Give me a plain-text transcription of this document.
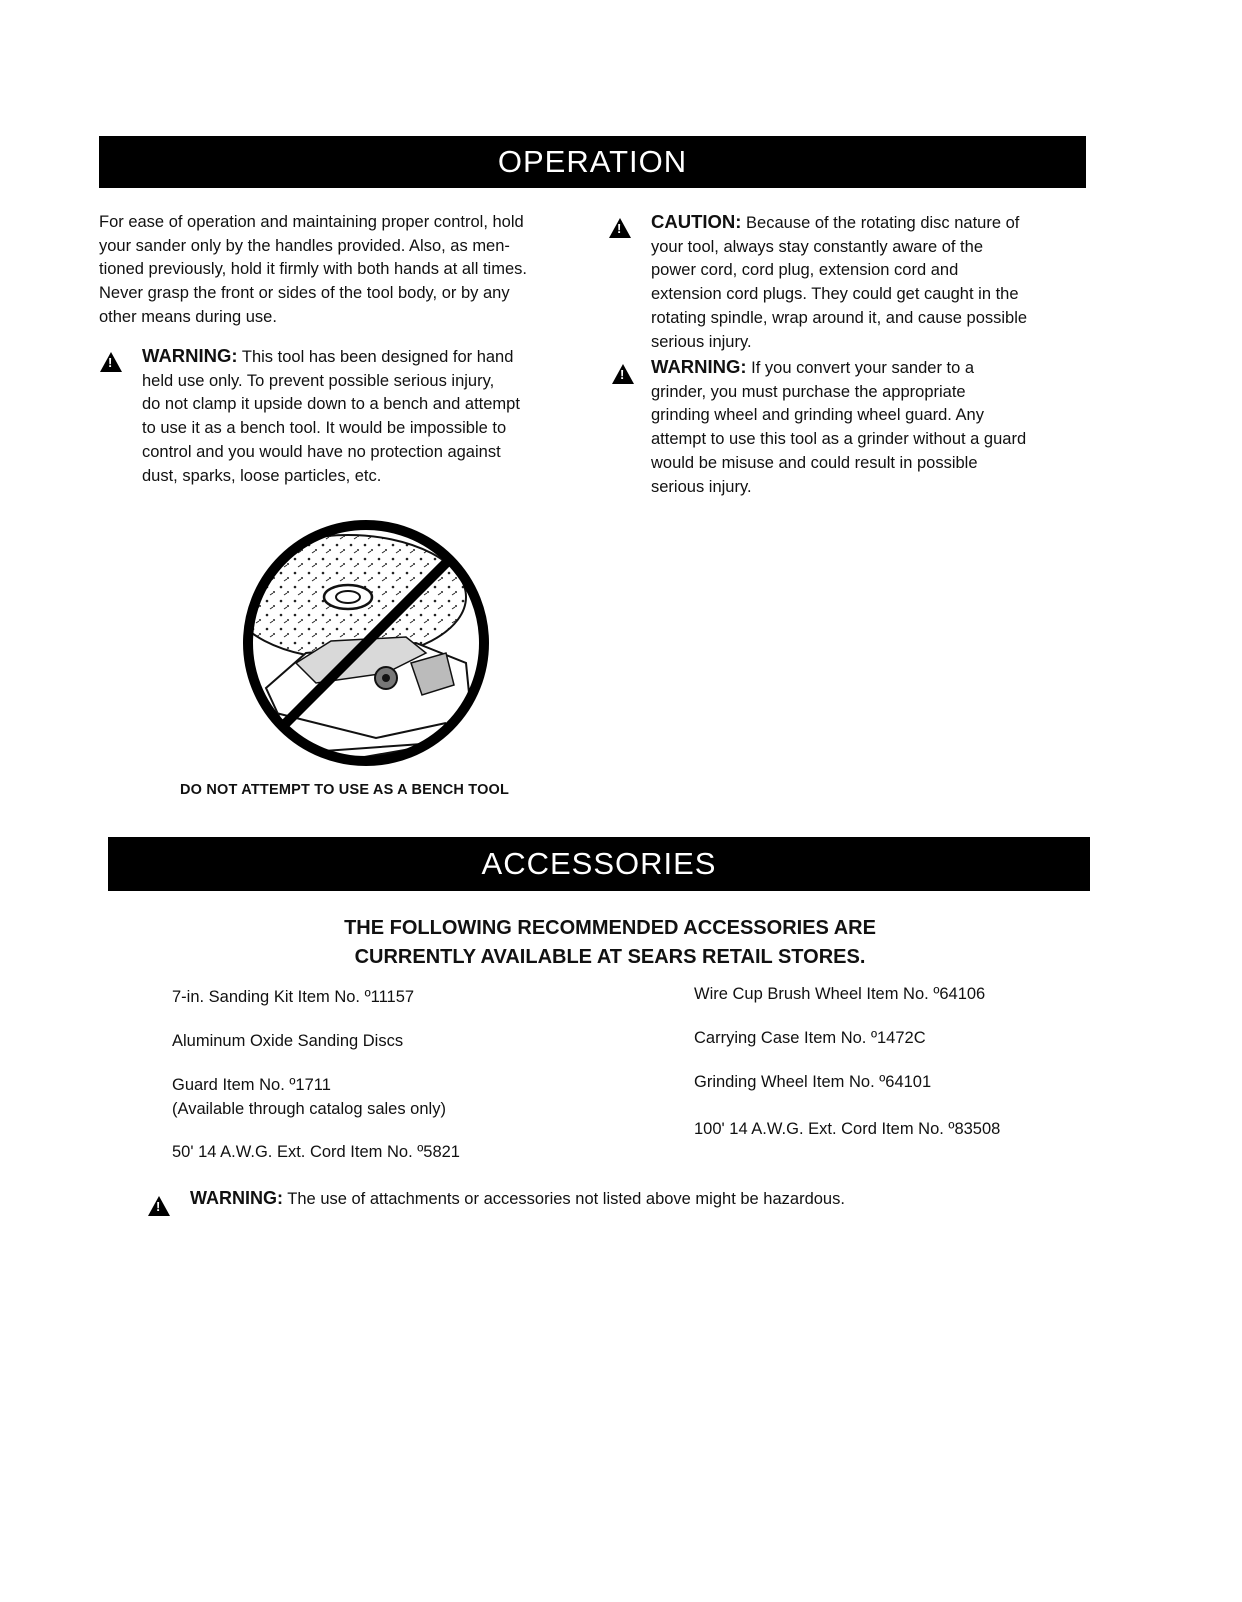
OPERATION
For ease of operation and maintaining proper control, hold
your sander only by the handles provided. Also, as men-
tioned previously, hold it firmly with both hands at all times.
Never grasp the front or sides of the tool body, or by any
other means during use.
!
WARNING: This tool has been designed for hand
held use only. To prevent possible serious injury,
do not clamp it upside down to a bench and attempt
to use it as a bench tool. It would be impossible to
control and you would have no protection against
dust, sparks, loose particles, etc.
!
CAUTION: Because of the rotating disc nature of
your tool, always stay constantly aware of the
power cord, cord plug, extension cord and
extension cord plugs. They could get caught in the
rotating spindle, wrap around it, and cause possible
serious injury.
!
WARNING: If you convert your sander to a
grinder, you must purchase the appropriate
grinding wheel and grinding wheel guard. Any
attempt to use this tool as a grinder without a guard
would be misuse and could result in possible
serious injury.
DO NOT ATTEMPT TO USE AS A BENCH TOOL
ACCESSORIES
THE FOLLOWING RECOMMENDED ACCESSORIES ARE
CURRENTLY AVAILABLE AT SEARS RETAIL STORES.
7-in. Sanding Kit Item No. º11157
Aluminum Oxide Sanding Discs
Guard Item No. º1711
(Available through catalog sales only)
50' 14 A.W.G. Ext. Cord Item No. º5821
Wire Cup Brush Wheel Item No. º64106
Carrying Case Item No. º1472C
Grinding Wheel Item No. º64101
100' 14 A.W.G. Ext. Cord Item No. º83508
!
WARNING: The use of attachments or accessories not listed above might be hazardous.
